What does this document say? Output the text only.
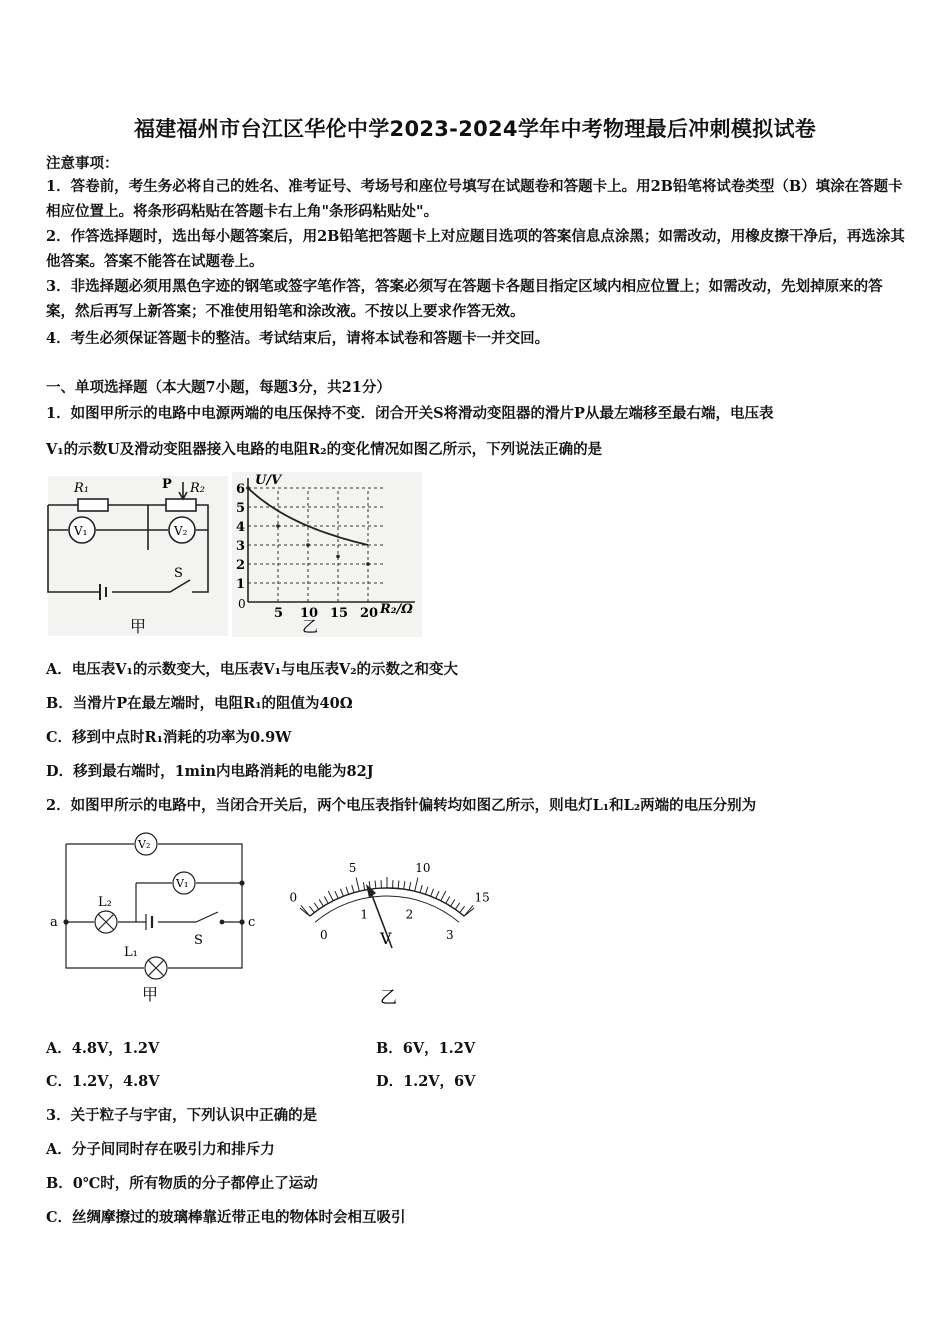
福建福州市台江区华伦中学2023-2024学年中考物理最后冲刺模拟试卷
注意事项：
1．答卷前，考生务必将自己的姓名、准考证号、考场号和座位号填写在试题卷和答题卡上。用2B铅笔将试卷类型（B）填涂在答题卡相应位置上。将条形码粘贴在答题卡右上角"条形码粘贴处"。
2．作答选择题时，选出每小题答案后，用2B铅笔把答题卡上对应题目选项的答案信息点涂黑；如需改动，用橡皮擦干净后，再选涂其他答案。答案不能答在试题卷上。
3．非选择题必须用黑色字迹的钢笔或签字笔作答，答案必须写在答题卡各题目指定区域内相应位置上；如需改动，先划掉原来的答案，然后再写上新答案；不准使用铅笔和涂改液。不按以上要求作答无效。
4．考生必须保证答题卡的整洁。考试结束后，请将本试卷和答题卡一并交回。
一、单项选择题（本大题7小题，每题3分，共21分）
1．如图甲所示的电路中电源两端的电压保持不变．闭合开关S将滑动变阻器的滑片P从最左端移至最右端，电压表
V₁的示数U及滑动变阻器接入电路的电阻R₂的变化情况如图乙所示，下列说法正确的是
R₁	P R₂
V₁	V₂
S
甲
1
2
3
4
5
6
5 10 15 20
U/V
R₂/Ω
0
乙
A．电压表V₁的示数变大，电压表V₁与电压表V₂的示数之和变大
B．当滑片P在最左端时，电阻R₁的阻值为40Ω
C．移到中点时R₁消耗的功率为0.9W
D．移到最右端时，1min内电路消耗的电能为82J
2．如图甲所示的电路中，当闭合开关后，两个电压表指针偏转均如图乙所示，则电灯L₁和L₂两端的电压分别为
V₂
V₁
L₂
L₁
a	c
S
甲
0
5	10
15
0
1	2
3
V
乙
A．4.8V，1.2V	B．6V，1.2V
C．1.2V，4.8V	D．1.2V，6V
3．关于粒子与宇宙，下列认识中正确的是
A．分子间同时存在吸引力和排斥力
B．0℃时，所有物质的分子都停止了运动
C．丝绸摩擦过的玻璃棒靠近带正电的物体时会相互吸引
